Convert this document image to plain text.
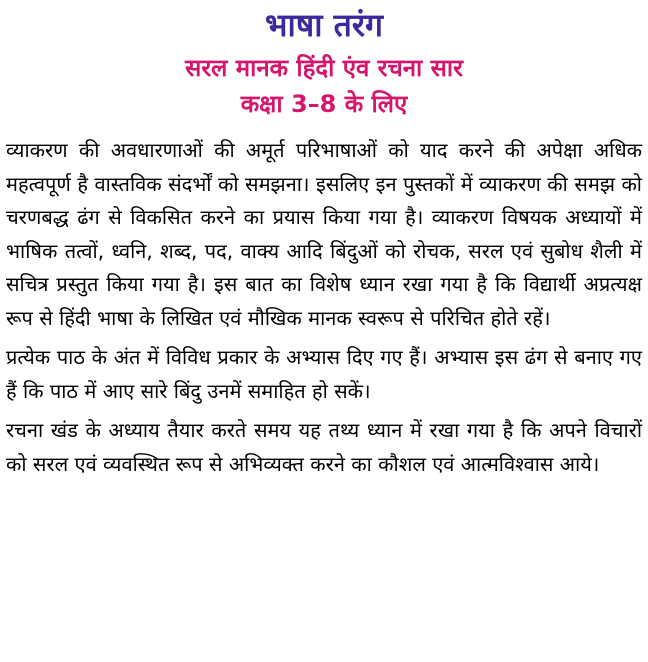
भाषा तरंग
सरल मानक हिंदी एंव रचना सार
कक्षा 3–8 के लिए

व्याकरण की अवधारणाओं की अमूर्त परिभाषाओं को याद करने की अपेक्षा अधिक महत्वपूर्ण है वास्तविक संदर्भों को समझना। इसलिए इन पुस्तकों में व्याकरण की समझ को चरणबद्ध ढंग से विकसित करने का प्रयास किया गया है। व्याकरण विषयक अध्यायों में भाषिक तत्वों, ध्वनि, शब्द, पद, वाक्य आदि बिंदुओं को रोचक, सरल एवं सुबोध शैली में सचित्र प्रस्तुत किया गया है। इस बात का विशेष ध्यान रखा गया है कि विद्यार्थी अप्रत्यक्ष रूप से हिंदी भाषा के लिखित एवं मौखिक मानक स्वरूप से परिचित होते रहें।

प्रत्येक पाठ के अंत में विविध प्रकार के अभ्यास दिए गए हैं। अभ्यास इस ढंग से बनाए गए हैं कि पाठ में आए सारे बिंदु उनमें समाहित हो सकें।

रचना खंड के अध्याय तैयार करते समय यह तथ्य ध्यान में रखा गया है कि अपने विचारों को सरल एवं व्यवस्थित रूप से अभिव्यक्त करने का कौशल एवं आत्मविश्वास आये।
